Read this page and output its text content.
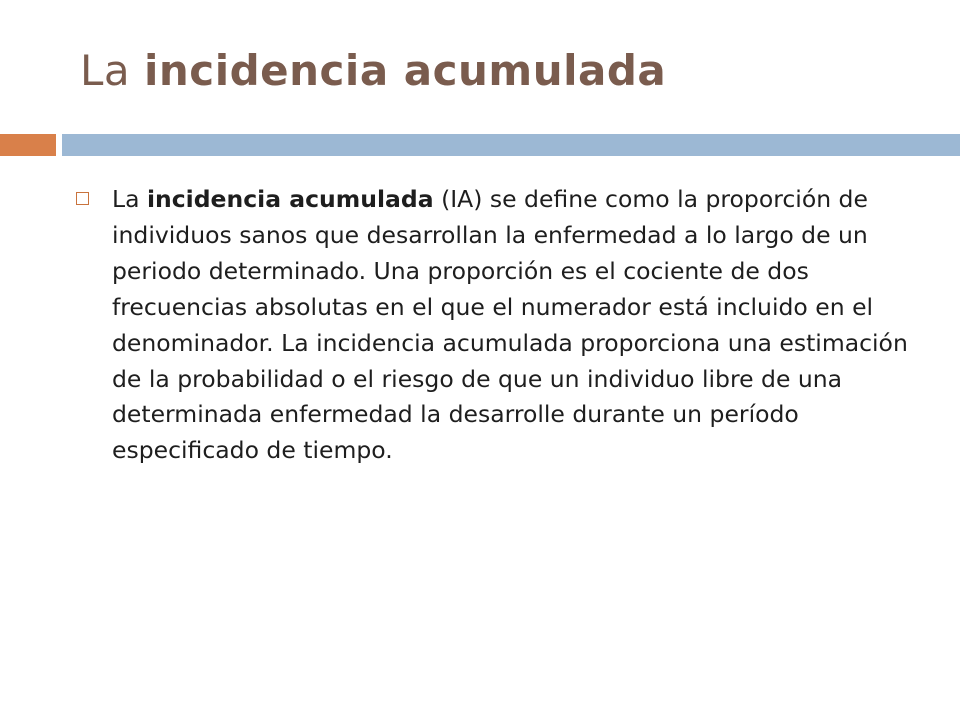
La incidencia acumulada

La incidencia acumulada (IA) se define como la proporción de individuos sanos que desarrollan la enfermedad a lo largo de un periodo determinado. Una proporción es el cociente de dos frecuencias absolutas en el que el numerador está incluido en el denominador. La incidencia acumulada proporciona una estimación de la probabilidad o el riesgo de que un individuo libre de una determinada enfermedad la desarrolle durante un período especificado de tiempo.
